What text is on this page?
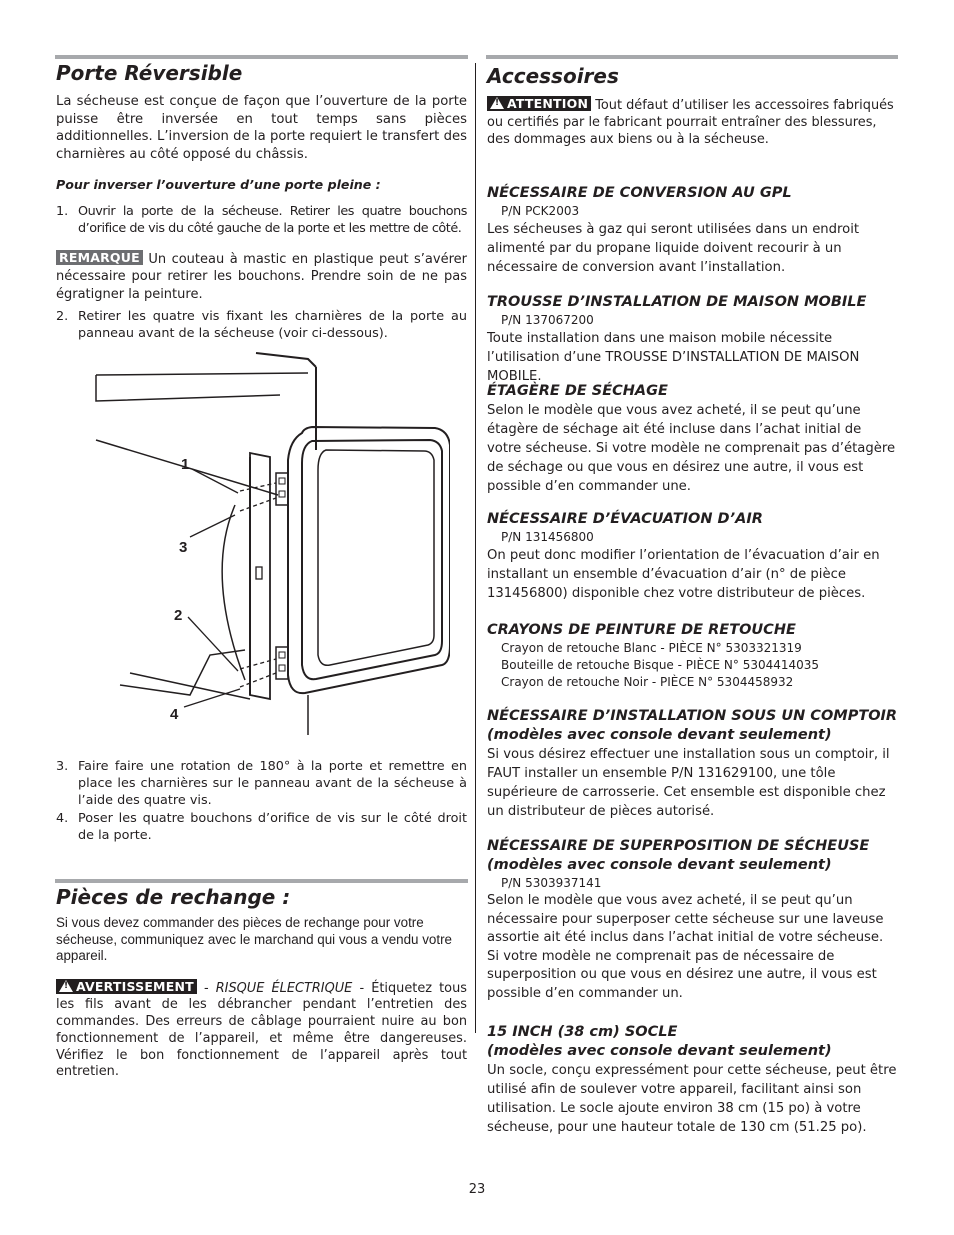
Porte Réversible

La sécheuse est conçue de façon que l’ouverture de la porte puisse être inversée en tout temps sans pièces additionnelles. L’inversion de la porte requiert le transfert des charnières au côté opposé du châssis.

Pour inverser l’ouverture d’une porte pleine :

1. Ouvrir la porte de la sécheuse. Retirer les quatre bouchons d’orifice de vis du côté gauche de la porte et les mettre de côté.

REMARQUE Un couteau à mastic en plastique peut s’avérer nécessaire pour retirer les bouchons. Prendre soin de ne pas égratigner la peinture.

2. Retirer les quatre vis fixant les charnières de la porte au panneau avant de la sécheuse (voir ci-dessous).
1
3
2
4
3. Faire faire une rotation de 180° à la porte et remettre en place les charnières sur le panneau avant de la sécheuse à l’aide des quatre vis.
4. Poser les quatre bouchons d’orifice de vis sur le côté droit de la porte.
Pièces de rechange :

Si vous devez commander des pièces de rechange pour votre sécheuse, communiquez avec le marchand qui vous a vendu votre appareil.

!AVERTISSEMENT - RISQUE ÉLECTRIQUE - Étiquetez tous les fils avant de les débrancher pendant l’entretien des commandes. Des erreurs de câblage pourraient nuire au bon fonctionnement de l’appareil, et même être dangereuses. Vérifiez le bon fonctionnement de l’appareil après tout entretien.

Accessoires

!ATTENTION Tout défaut d’utiliser les accessoires fabriqués ou certifiés par le fabricant pourrait entraîner des blessures, des dommages aux biens ou à la sécheuse.

NÉCESSAIRE DE CONVERSION AU GPL

P/N PCK2003

Les sécheuses à gaz qui seront utilisées dans un endroit alimenté par du propane liquide doivent recourir à un nécessaire de conversion avant l’installation.

TROUSSE D’INSTALLATION DE MAISON MOBILE

P/N 137067200

Toute installation dans une maison mobile nécessite l’utilisation d’une TROUSSE D’INSTALLATION DE MAISON MOBILE.

ÉTAGÈRE DE SÉCHAGE

Selon le modèle que vous avez acheté, il se peut qu’une étagère de séchage ait été incluse dans l’achat initial de votre sécheuse. Si votre modèle ne comprenait pas d’étagère de séchage ou que vous en désirez une autre, il vous est possible d’en commander une.

NÉCESSAIRE D’ÉVACUATION D’AIR

P/N 131456800

On peut donc modifier l’orientation de l’évacuation d’air en installant un ensemble d’évacuation d’air (n° de pièce 131456800) disponible chez votre distributeur de pièces.

CRAYONS DE PEINTURE DE RETOUCHE

Crayon de retouche Blanc - PIÈCE N° 5303321319

Bouteille de retouche Bisque - PIÈCE N° 5304414035

Crayon de retouche Noir - PIÈCE N° 5304458932

NÉCESSAIRE D’INSTALLATION SOUS UN COMPTOIR

(modèles avec console devant seulement)

Si vous désirez effectuer une installation sous un comptoir, il FAUT installer un ensemble P/N 131629100, une tôle supérieure de carrosserie. Cet ensemble est disponible chez un distributeur de pièces autorisé.

NÉCESSAIRE DE SUPERPOSITION DE SÉCHEUSE

(modèles avec console devant seulement)

P/N 5303937141

Selon le modèle que vous avez acheté, il se peut qu’un nécessaire pour superposer cette sécheuse sur une laveuse assortie ait été inclus dans l’achat initial de votre sécheuse. Si votre modèle ne comprenait pas de nécessaire de superposition ou que vous en désirez une autre, il vous est possible d’en commander un.

15 INCH (38 cm) SOCLE

(modèles avec console devant seulement)

Un socle, conçu expressément pour cette sécheuse, peut être utilisé afin de soulever votre appareil, facilitant ainsi son utilisation. Le socle ajoute environ 38 cm (15 po) à votre sécheuse, pour une hauteur totale de 130 cm (51.25 po).

23
